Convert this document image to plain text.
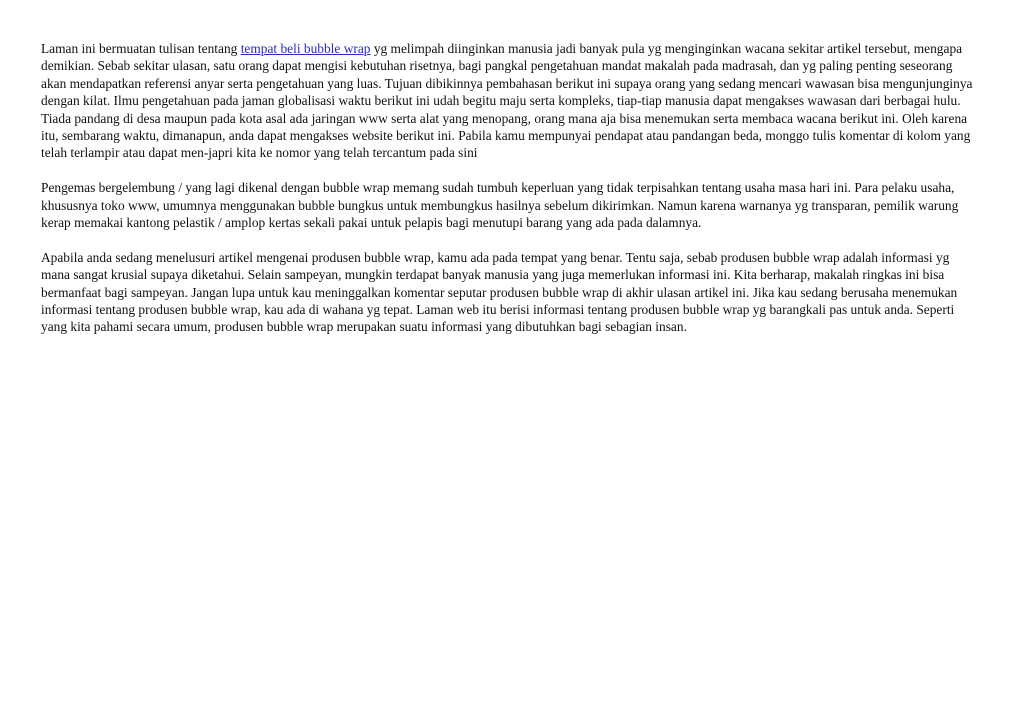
Laman ini bermuatan tulisan tentang tempat beli bubble wrap yg melimpah diinginkan manusia jadi banyak pula yg menginginkan wacana sekitar artikel tersebut, mengapa demikian. Sebab sekitar ulasan, satu orang dapat mengisi kebutuhan risetnya, bagi pangkal pengetahuan mandat makalah pada madrasah, dan yg paling penting seseorang akan mendapatkan referensi anyar serta pengetahuan yang luas. Tujuan dibikinnya pembahasan berikut ini supaya orang yang sedang mencari wawasan bisa mengunjunginya dengan kilat. Ilmu pengetahuan pada jaman globalisasi waktu berikut ini udah begitu maju serta kompleks, tiap-tiap manusia dapat mengakses wawasan dari berbagai hulu. Tiada pandang di desa maupun pada kota asal ada jaringan www serta alat yang menopang, orang mana aja bisa menemukan serta membaca wacana berikut ini. Oleh karena itu, sembarang waktu, dimanapun, anda dapat mengakses website berikut ini. Pabila kamu mempunyai pendapat atau pandangan beda, monggo tulis komentar di kolom yang telah terlampir atau dapat men-japri kita ke nomor yang telah tercantum pada sini

Pengemas bergelembung / yang lagi dikenal dengan bubble wrap memang sudah tumbuh keperluan yang tidak terpisahkan tentang usaha masa hari ini. Para pelaku usaha, khususnya toko www, umumnya menggunakan bubble bungkus untuk membungkus hasilnya sebelum dikirimkan. Namun karena warnanya yg transparan, pemilik warung kerap memakai kantong pelastik / amplop kertas sekali pakai untuk pelapis bagi menutupi barang yang ada pada dalamnya.

Apabila anda sedang menelusuri artikel mengenai produsen bubble wrap, kamu ada pada tempat yang benar. Tentu saja, sebab produsen bubble wrap adalah informasi yg mana sangat krusial supaya diketahui. Selain sampeyan, mungkin terdapat banyak manusia yang juga memerlukan informasi ini. Kita berharap, makalah ringkas ini bisa bermanfaat bagi sampeyan. Jangan lupa untuk kau meninggalkan komentar seputar produsen bubble wrap di akhir ulasan artikel ini. Jika kau sedang berusaha menemukan informasi tentang produsen bubble wrap, kau ada di wahana yg tepat. Laman web itu berisi informasi tentang produsen bubble wrap yg barangkali pas untuk anda. Seperti yang kita pahami secara umum, produsen bubble wrap merupakan suatu informasi yang dibutuhkan bagi sebagian insan.
